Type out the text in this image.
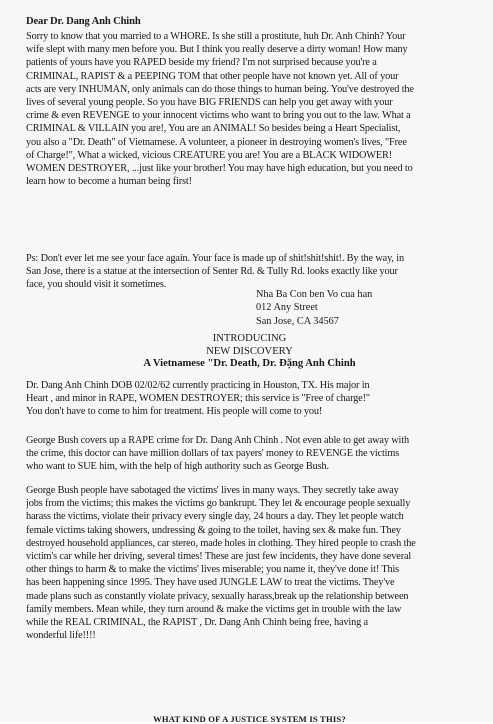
Dear Dr. Dang Anh Chinh
Sorry to know that you married to a WHORE. Is she still a prostitute, huh Dr. Anh Chinh? Your
wife slept with many men before you. But I think you really deserve a dirty woman! How many
patients of yours have you RAPED beside my friend? I'm not surprised because you're a
CRIMINAL, RAPIST & a PEEPING TOM that other people have not known yet. All of your
acts are very INHUMAN, only animals can do those things to human being. You've destroyed the
lives of several young people. So you have BIG FRIENDS can help you get away with your
crime & even REVENGE to your innocent victims who want to bring you out to the law. What a
CRIMINAL & VILLAIN you are!, You are an ANIMAL! So besides being a Heart Specialist,
you also a "Dr. Death" of Vietnamese. A volunteer, a pioneer in destroying women's lives, "Free
of Charge!", What a wicked, vicious CREATURE you are! You are a BLACK WIDOWER!
WOMEN DESTROYER, ...just like your brother! You may have high education, but you need to
learn how to become a human being first!
Ps: Don't ever let me see your face again. Your face is made up of shit!shit!shit!. By the way, in
San Jose, there is a statue at the intersection of Senter Rd. & Tully Rd. looks exactly like your
face, you should visit it sometimes.
Nha Ba Con ben Vo cua han
012 Any Street
San Jose, CA 34567
INTRODUCING
NEW DISCOVERY
A Vietnamese "Dr. Death, Dr. Đặng Anh Chinh
Dr. Dang Anh Chinh DOB 02/02/62 currently practicing in Houston, TX. His major in
Heart , and minor in RAPE, WOMEN DESTROYER; this service is "Free of charge!"
You don't have to come to him for treatment. His people will come to you!
George Bush covers up a RAPE crime for Dr. Dang Anh Chinh . Not even able to get away with
the crime, this doctor can have million dollars of tax payers' money to REVENGE the victims
who want to SUE him, with the help of high authority such as George Bush.
George Bush people have sabotaged the victims' lives in many ways. They secretly take away
jobs from the victims; this makes the victims go bankrupt. They let & encourage people sexually
harass the victims, violate their privacy every single day, 24 hours a day. They let people watch
female victims taking showers, undressing & going to the toilet, having sex & make fun. They
destroyed household appliances, car stereo, made holes in clothing. They hired people to crash the
victim's car while her driving, several times! These are just few incidents, they have done several
other things to harm & to make the victims' lives miserable; you name it, they've done it! This
has been happening since 1995. They have used JUNGLE LAW to treat the victims. They've
made plans such as constantly violate privacy, sexually harass,break up the relationship between
family members. Mean while, they turn around & make the victims get in trouble with the law
while the REAL CRIMINAL, the RAPIST , Dr. Dang Anh Chinh being free, having a
wonderful life!!!!
WHAT KIND OF A JUSTICE SYSTEM IS THIS?
